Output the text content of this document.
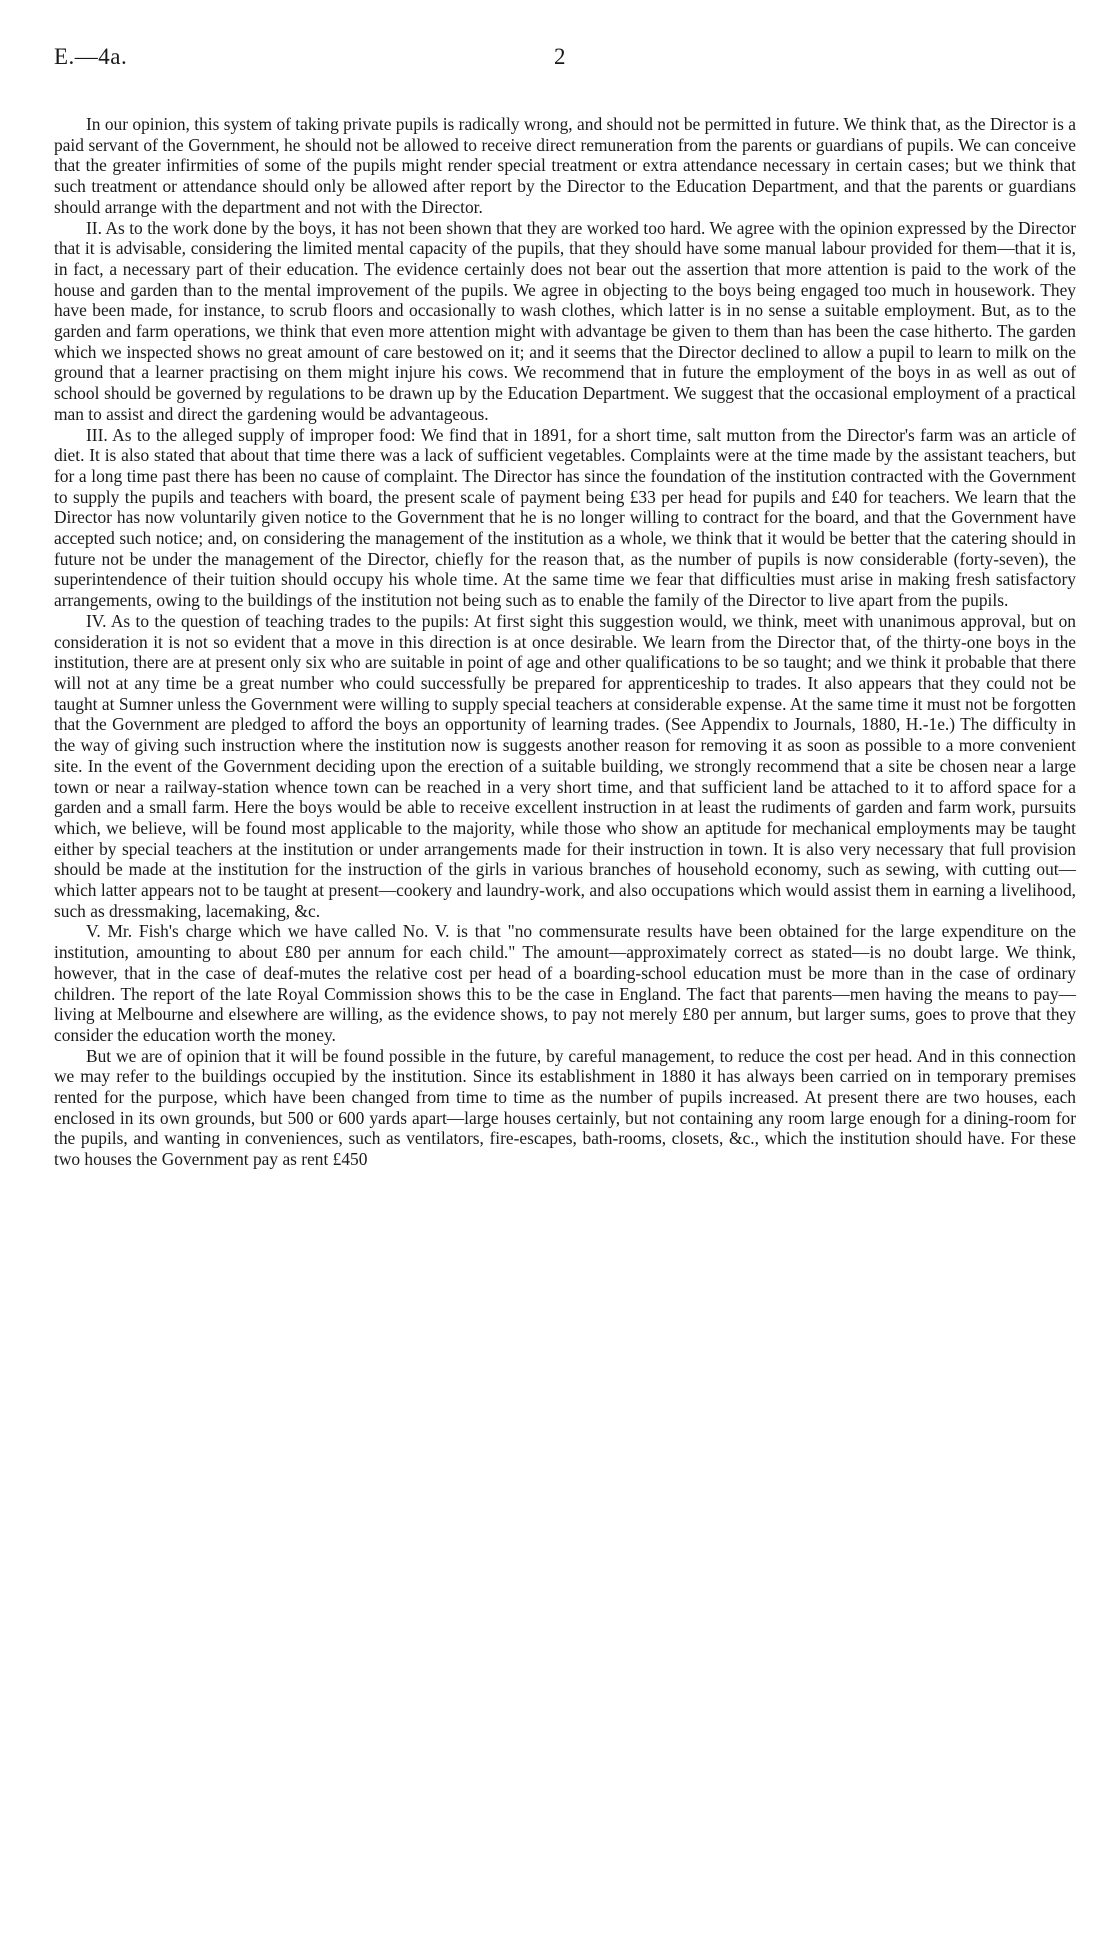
E.—4a.	2

In our opinion, this system of taking private pupils is radically wrong, and should not be permitted in future. We think that, as the Director is a paid servant of the Government, he should not be allowed to receive direct remuneration from the parents or guardians of pupils. We can conceive that the greater infirmities of some of the pupils might render special treatment or extra attendance necessary in certain cases; but we think that such treatment or attendance should only be allowed after report by the Director to the Education Department, and that the parents or guardians should arrange with the department and not with the Director.

II. As to the work done by the boys, it has not been shown that they are worked too hard. We agree with the opinion expressed by the Director that it is advisable, considering the limited mental capacity of the pupils, that they should have some manual labour provided for them—that it is, in fact, a necessary part of their education. The evidence certainly does not bear out the assertion that more attention is paid to the work of the house and garden than to the mental improvement of the pupils. We agree in objecting to the boys being engaged too much in housework. They have been made, for instance, to scrub floors and occasionally to wash clothes, which latter is in no sense a suitable employment. But, as to the garden and farm operations, we think that even more attention might with advantage be given to them than has been the case hitherto. The garden which we inspected shows no great amount of care bestowed on it; and it seems that the Director declined to allow a pupil to learn to milk on the ground that a learner practising on them might injure his cows. We recommend that in future the employment of the boys in as well as out of school should be governed by regulations to be drawn up by the Education Department. We suggest that the occasional employment of a practical man to assist and direct the gardening would be advantageous.

III. As to the alleged supply of improper food: We find that in 1891, for a short time, salt mutton from the Director's farm was an article of diet. It is also stated that about that time there was a lack of sufficient vegetables. Complaints were at the time made by the assistant teachers, but for a long time past there has been no cause of complaint. The Director has since the foundation of the institution contracted with the Government to supply the pupils and teachers with board, the present scale of payment being £33 per head for pupils and £40 for teachers. We learn that the Director has now voluntarily given notice to the Government that he is no longer willing to contract for the board, and that the Government have accepted such notice; and, on considering the management of the institution as a whole, we think that it would be better that the catering should in future not be under the management of the Director, chiefly for the reason that, as the number of pupils is now considerable (forty-seven), the superintendence of their tuition should occupy his whole time. At the same time we fear that difficulties must arise in making fresh satisfactory arrangements, owing to the buildings of the institution not being such as to enable the family of the Director to live apart from the pupils.

IV. As to the question of teaching trades to the pupils: At first sight this suggestion would, we think, meet with unanimous approval, but on consideration it is not so evident that a move in this direction is at once desirable. We learn from the Director that, of the thirty-one boys in the institution, there are at present only six who are suitable in point of age and other qualifications to be so taught; and we think it probable that there will not at any time be a great number who could successfully be prepared for apprenticeship to trades. It also appears that they could not be taught at Sumner unless the Government were willing to supply special teachers at considerable expense. At the same time it must not be forgotten that the Government are pledged to afford the boys an opportunity of learning trades. (See Appendix to Journals, 1880, H.-1e.) The difficulty in the way of giving such instruction where the institution now is suggests another reason for removing it as soon as possible to a more convenient site. In the event of the Government deciding upon the erection of a suitable building, we strongly recommend that a site be chosen near a large town or near a railway-station whence town can be reached in a very short time, and that sufficient land be attached to it to afford space for a garden and a small farm. Here the boys would be able to receive excellent instruction in at least the rudiments of garden and farm work, pursuits which, we believe, will be found most applicable to the majority, while those who show an aptitude for mechanical employments may be taught either by special teachers at the institution or under arrangements made for their instruction in town. It is also very necessary that full provision should be made at the institution for the instruction of the girls in various branches of household economy, such as sewing, with cutting out—which latter appears not to be taught at present—cookery and laundry-work, and also occupations which would assist them in earning a livelihood, such as dressmaking, lacemaking, &c.

V. Mr. Fish's charge which we have called No. V. is that "no commensurate results have been obtained for the large expenditure on the institution, amounting to about £80 per annum for each child." The amount—approximately correct as stated—is no doubt large. We think, however, that in the case of deaf-mutes the relative cost per head of a boarding-school education must be more than in the case of ordinary children. The report of the late Royal Commission shows this to be the case in England. The fact that parents—men having the means to pay—living at Melbourne and elsewhere are willing, as the evidence shows, to pay not merely £80 per annum, but larger sums, goes to prove that they consider the education worth the money.

But we are of opinion that it will be found possible in the future, by careful management, to reduce the cost per head. And in this connection we may refer to the buildings occupied by the institution. Since its establishment in 1880 it has always been carried on in temporary premises rented for the purpose, which have been changed from time to time as the number of pupils increased. At present there are two houses, each enclosed in its own grounds, but 500 or 600 yards apart—large houses certainly, but not containing any room large enough for a dining-room for the pupils, and wanting in conveniences, such as ventilators, fire-escapes, bath-rooms, closets, &c., which the institution should have. For these two houses the Government pay as rent £450
